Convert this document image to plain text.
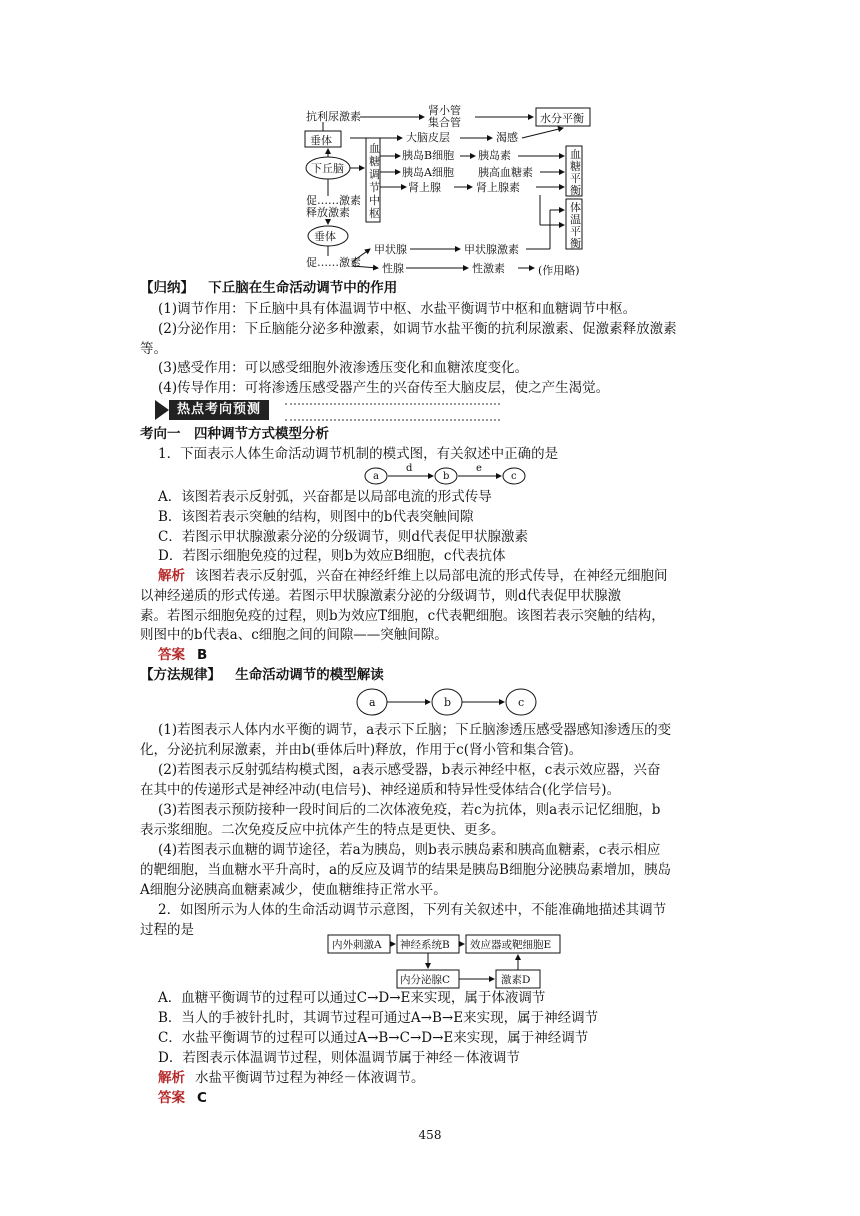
抗利尿激素	肾小管
集合管
垂体	大脑皮层	渴感
下丘脑
胰岛B细胞 胰岛素
胰岛A细胞 胰高血糖素
肾上腺	肾上腺素
促……激素
释放激素
垂体
甲状腺	甲状腺激素
促……激素 性腺	性激素	(作用略)
水分平衡
血
糖
调
节
中
枢
血
糖
平
衡
体
温
平
衡
【归纳】 下丘脑在生命活动调节中的作用
(1)调节作用：下丘脑中具有体温调节中枢、水盐平衡调节中枢和血糖调节中枢。
(2)分泌作用：下丘脑能分泌多种激素，如调节水盐平衡的抗利尿激素、促激素释放激素
等。
(3)感受作用：可以感受细胞外液渗透压变化和血糖浓度变化。
(4)传导作用：可将渗透压感受器产生的兴奋传至大脑皮层，使之产生渴觉。
热点考向预测
考向一　四种调节方式模型分析
1．下面表示人体生命活动调节机制的模式图，有关叙述中正确的是
a	b	c
d	e
A．该图若表示反射弧，兴奋都是以局部电流的形式传导
B．该图若表示突触的结构，则图中的b代表突触间隙
C．若图示甲状腺激素分泌的分级调节，则d代表促甲状腺激素
D．若图示细胞免疫的过程，则b为效应B细胞，c代表抗体
解析 该图若表示反射弧，兴奋在神经纤维上以局部电流的形式传导，在神经元细胞间
以神经递质的形式传递。若图示甲状腺激素分泌的分级调节，则d代表促甲状腺激
素。若图示细胞免疫的过程，则b为效应T细胞，c代表靶细胞。该图若表示突触的结构，
则图中的b代表a、c细胞之间的间隙——突触间隙。
答案 B
【方法规律】 生命活动调节的模型解读
a	b	c
(1)若图表示人体内水平衡的调节，a表示下丘脑；下丘脑渗透压感受器感知渗透压的变
化，分泌抗利尿激素，并由b(垂体后叶)释放，作用于c(肾小管和集合管)。
(2)若图表示反射弧结构模式图，a表示感受器，b表示神经中枢，c表示效应器，兴奋
在其中的传递形式是神经冲动(电信号)、神经递质和特异性受体结合(化学信号)。
(3)若图表示预防接种一段时间后的二次体液免疫，若c为抗体，则a表示记忆细胞，b
表示浆细胞。二次免疫反应中抗体产生的特点是更快、更多。
(4)若图表示血糖的调节途径，若a为胰岛，则b表示胰岛素和胰高血糖素，c表示相应
的靶细胞，当血糖水平升高时，a的反应及调节的结果是胰岛B细胞分泌胰岛素增加，胰岛
A细胞分泌胰高血糖素减少，使血糖维持正常水平。
2．如图所示为人体的生命活动调节示意图，下列有关叙述中，不能准确地描述其调节
过程的是
内外刺激A 神经系统B 效应器或靶细胞E
内分泌腺C	激素D
A．血糖平衡调节的过程可以通过C→D→E来实现，属于体液调节
B．当人的手被针扎时，其调节过程可通过A→B→E来实现，属于神经调节
C．水盐平衡调节的过程可以通过A→B→C→D→E来实现，属于神经调节
D．若图表示体温调节过程，则体温调节属于神经－体液调节
解析 水盐平衡调节过程为神经－体液调节。
答案 C
458
